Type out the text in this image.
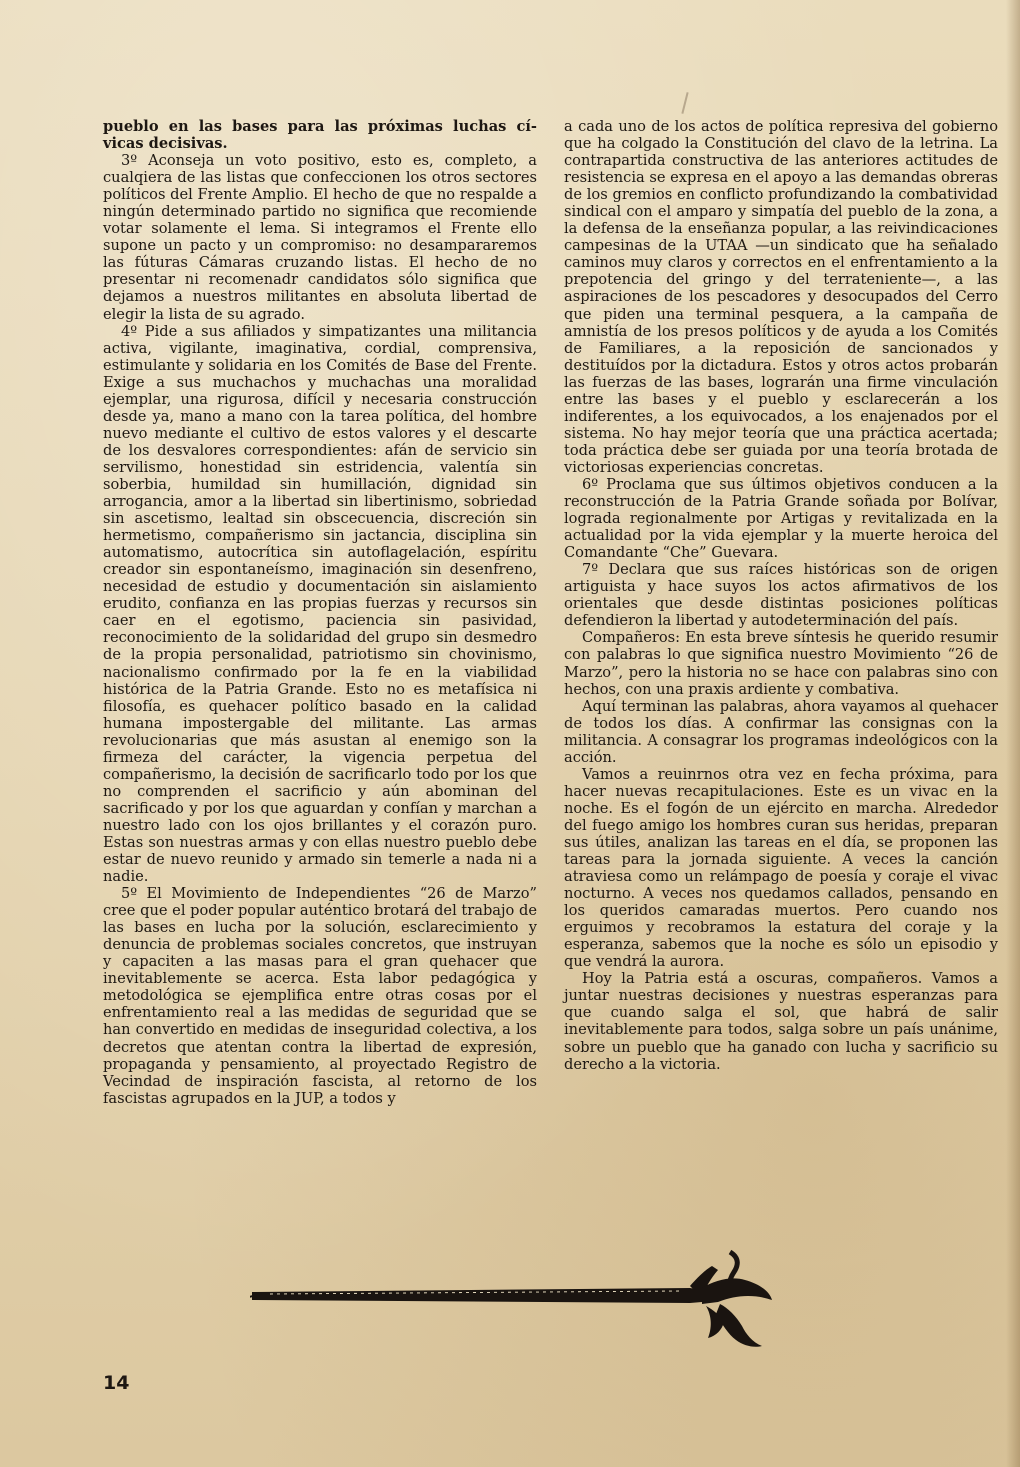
pueblo en las bases para las próximas luchas cí-vicas decisivas.

3º Aconseja un voto positivo, esto es, completo, a cualqiera de las listas que confeccionen los otros sectores políticos del Frente Amplio. El hecho de que no respalde a ningún determinado partido no significa que recomiende votar solamente el lema. Si integramos el Frente ello supone un pacto y un compromiso: no desampararemos las fúturas Cámaras cruzando listas. El hecho de no presentar ni recomenadr candidatos sólo significa que dejamos a nuestros militantes en absoluta libertad de elegir la lista de su agrado.

4º Pide a sus afiliados y simpatizantes una militancia activa, vigilante, imaginativa, cordial, comprensiva, estimulante y solidaria en los Comités de Base del Frente. Exige a sus muchachos y muchachas una moralidad ejemplar, una rigurosa, difícil y necesaria construcción desde ya, mano a mano con la tarea política, del hombre nuevo mediante el cultivo de estos valores y el descarte de los desvalores correspondientes: afán de servicio sin servilismo, honestidad sin estridencia, valentía sin soberbia, humildad sin humillación, dignidad sin arrogancia, amor a la libertad sin libertinismo, sobriedad sin ascetismo, lealtad sin obscecuencia, discreción sin hermetismo, compañerismo sin jactancia, disciplina sin automatismo, autocrítica sin autoflagelación, espíritu creador sin espontaneísmo, imaginación sin desenfreno, necesidad de estudio y documentación sin aislamiento erudito, confianza en las propias fuerzas y recursos sin caer en el egotismo, paciencia sin pasividad, reconocimiento de la solidaridad del grupo sin desmedro de la propia personalidad, patriotismo sin chovinismo, nacionalismo confirmado por la fe en la viabilidad histórica de la Patria Grande. Esto no es metafísica ni filosofía, es quehacer político basado en la calidad humana impostergable del militante. Las armas revolucionarias que más asustan al enemigo son la firmeza del carácter, la vigencia perpetua del compañerismo, la decisión de sacrificarlo todo por los que no comprenden el sacrificio y aún abominan del sacrificado y por los que aguardan y confían y marchan a nuestro lado con los ojos brillantes y el corazón puro. Estas son nuestras armas y con ellas nuestro pueblo debe estar de nuevo reunido y armado sin temerle a nada ni a nadie.

5º El Movimiento de Independientes “26 de Marzo” cree que el poder popular auténtico brotará del trabajo de las bases en lucha por la solución, esclarecimiento y denuncia de problemas sociales concretos, que instruyan y capaciten a las masas para el gran quehacer que inevitablemente se acerca. Esta labor pedagógica y metodológica se ejemplifica entre otras cosas por el enfrentamiento real a las medidas de seguridad que se han convertido en medidas de inseguridad colectiva, a los decretos que atentan contra la libertad de expresión, propaganda y pensamiento, al proyectado Registro de Vecindad de inspiración fascista, al retorno de los fascistas agrupados en la JUP, a todos y

a cada uno de los actos de política represiva del gobierno que ha colgado la Constitución del clavo de la letrina. La contrapartida constructiva de las anteriores actitudes de resistencia se expresa en el apoyo a las demandas obreras de los gremios en conflicto profundizando la combatividad sindical con el amparo y simpatía del pueblo de la zona, a la defensa de la enseñanza popular, a las reivindicaciones campesinas de la UTAA —un sindicato que ha señalado caminos muy claros y correctos en el enfrentamiento a la prepotencia del gringo y del terrateniente—, a las aspiraciones de los pescadores y desocupados del Cerro que piden una terminal pesquera, a la campaña de amnistía de los presos políticos y de ayuda a los Comités de Familiares, a la reposición de sancionados y destituídos por la dictadura. Estos y otros actos probarán las fuerzas de las bases, lograrán una firme vinculación entre las bases y el pueblo y esclarecerán a los indiferentes, a los equivocados, a los enajenados por el sistema. No hay mejor teoría que una práctica acertada; toda práctica debe ser guiada por una teoría brotada de victoriosas experiencias concretas.

6º Proclama que sus últimos objetivos conducen a la reconstrucción de la Patria Grande soñada por Bolívar, lograda regionalmente por Artigas y revitalizada en la actualidad por la vida ejemplar y la muerte heroica del Comandante “Che” Guevara.

7º Declara que sus raíces históricas son de origen artiguista y hace suyos los actos afirmativos de los orientales que desde distintas posiciones políticas defendieron la libertad y autodeterminación del país.

Compañeros: En esta breve síntesis he querido resumir con palabras lo que significa nuestro Movimiento “26 de Marzo”, pero la historia no se hace con palabras sino con hechos, con una praxis ardiente y combativa.

Aquí terminan las palabras, ahora vayamos al quehacer de todos los días. A confirmar las consignas con la militancia. A consagrar los programas indeológicos con la acción.

Vamos a reuinrnos otra vez en fecha próxima, para hacer nuevas recapitulaciones. Este es un vivac en la noche. Es el fogón de un ejército en marcha. Alrededor del fuego amigo los hombres curan sus heridas, preparan sus útiles, analizan las tareas en el día, se proponen las tareas para la jornada siguiente. A veces la canción atraviesa como un relámpago de poesía y coraje el vivac nocturno. A veces nos quedamos callados, pensando en los queridos camaradas muertos. Pero cuando nos erguimos y recobramos la estatura del coraje y la esperanza, sabemos que la noche es sólo un episodio y que vendrá la aurora.

Hoy la Patria está a oscuras, compañeros. Vamos a juntar nuestras decisiones y nuestras esperanzas para que cuando salga el sol, que habrá de salir inevitablemente para todos, salga sobre un país unánime, sobre un pueblo que ha ganado con lucha y sacrificio su derecho a la victoria.

14
